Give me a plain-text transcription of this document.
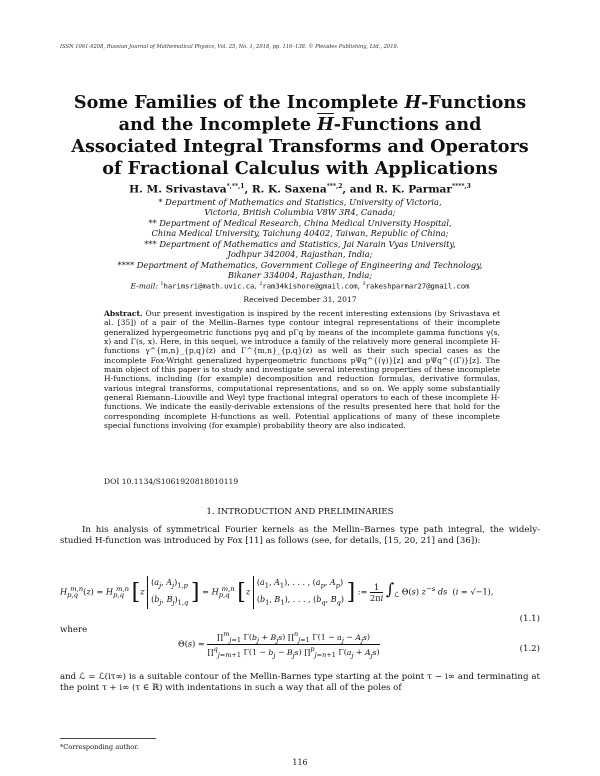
ISSN 1061-9208, Russian Journal of Mathematical Physics, Vol. 25, No. 1, 2018, pp. 116–138. © Pleiades Publishing, Ltd., 2018.
Some Families of the Incomplete H-Functions
and the Incomplete $\overline{H}$-Functions and
Associated Integral Transforms and Operators
of Fractional Calculus with Applications
H. M. Srivastava$^{*,**,1}$, R. K. Saxena$^{***,2}$, and R. K. Parmar$^{****,3}$
* Department of Mathematics and Statistics, University of Victoria,
Victoria, British Columbia V8W 3R4, Canada;
** Department of Medical Research, China Medical University Hospital,
China Medical University, Taichung 40402, Taiwan, Republic of China;
*** Department of Mathematics and Statistics, Jai Narain Vyas University,
Jodhpur 342004, Rajasthan, India;
**** Department of Mathematics, Government College of Engineering and Technology,
Bikaner 334004, Rajasthan, India;
E-mail: $^1$harimsri@math.uvic.ca, $^2$ram34kishore@gmail.com, $^3$rakeshparmar27@gmail.com
Received December 31, 2017
Abstract. Our present investigation is inspired by the recent interesting extensions (by Srivastava et al. [35]) of a pair of the Mellin–Barnes type contour integral representations of their incomplete generalized hypergeometric functions pγq and pΓq by means of the incomplete gamma functions γ(s, x) and Γ(s, x). Here, in this sequel, we introduce a family of the relatively more general incomplete H-functions γ^{m,n}_{p,q}(z) and Γ^{m,n}_{p,q}(z) as well as their such special cases as the incomplete Fox-Wright generalized hypergeometric functions pΨq^{(γ)}[z] and pΨq^{(Γ)}[z]. The main object of this paper is to study and investigate several interesting properties of these incomplete H-functions, including (for example) decomposition and reduction formulas, derivative formulas, various integral transforms, computational representations, and so on. We apply some substantially general Riemann–Liouville and Weyl type fractional integral operators to each of these incomplete H-functions. We indicate the easily-derivable extensions of the results presented here that hold for the corresponding incomplete H-functions as well. Potential applications of many of these incomplete special functions involving (for example) probability theory are also indicated.
DOI 10.1134/S1061920818010119
1. INTRODUCTION AND PRELIMINARIES
In his analysis of symmetrical Fourier kernels as the Mellin–Barnes type path integral, the widely-studied H-function was introduced by Fox [11] as follows (see, for details, [15, 20, 21] and [36]):
$H_{p,q}^{m,n}(z) = H_{p,q}^{m,n}$ [z
($a_j$, $A_j)_{1,p}$
($b_j$, $B_j)_{1,q}$ ] = $H_{p,q}^{m,n}$ [z
($a_1$, $A_1$), . . . , ($a_p$, $A_p$)
($b_1$, $B_1$), . . . , ($b_q$, $B_q$) ] := $\frac{1}{2\pi i} \int_ℒ$ Θ(s) $z^{-s}$ ds  (i = √−1),
(1.1)
where
$\Theta(s) = \frac{\prod^m_{j=1} \Gamma(b_j + B_js) \prod^n_{j=1} \Gamma(1 - a_j - A_js)}{\prod^q_{j=m+1} \Gamma(1 - b_j - B_js) \prod^p_{j=n+1} \Gamma(a_j + A_js)}$	(1.2)
and ℒ = ℒ(iτ∞) is a suitable contour of the Mellin-Barnes type starting at the point τ − i∞ and terminating at the point τ + i∞ (τ ∈ ℝ) with indentations in such a way that all of the poles of
*Corresponding author.
116
